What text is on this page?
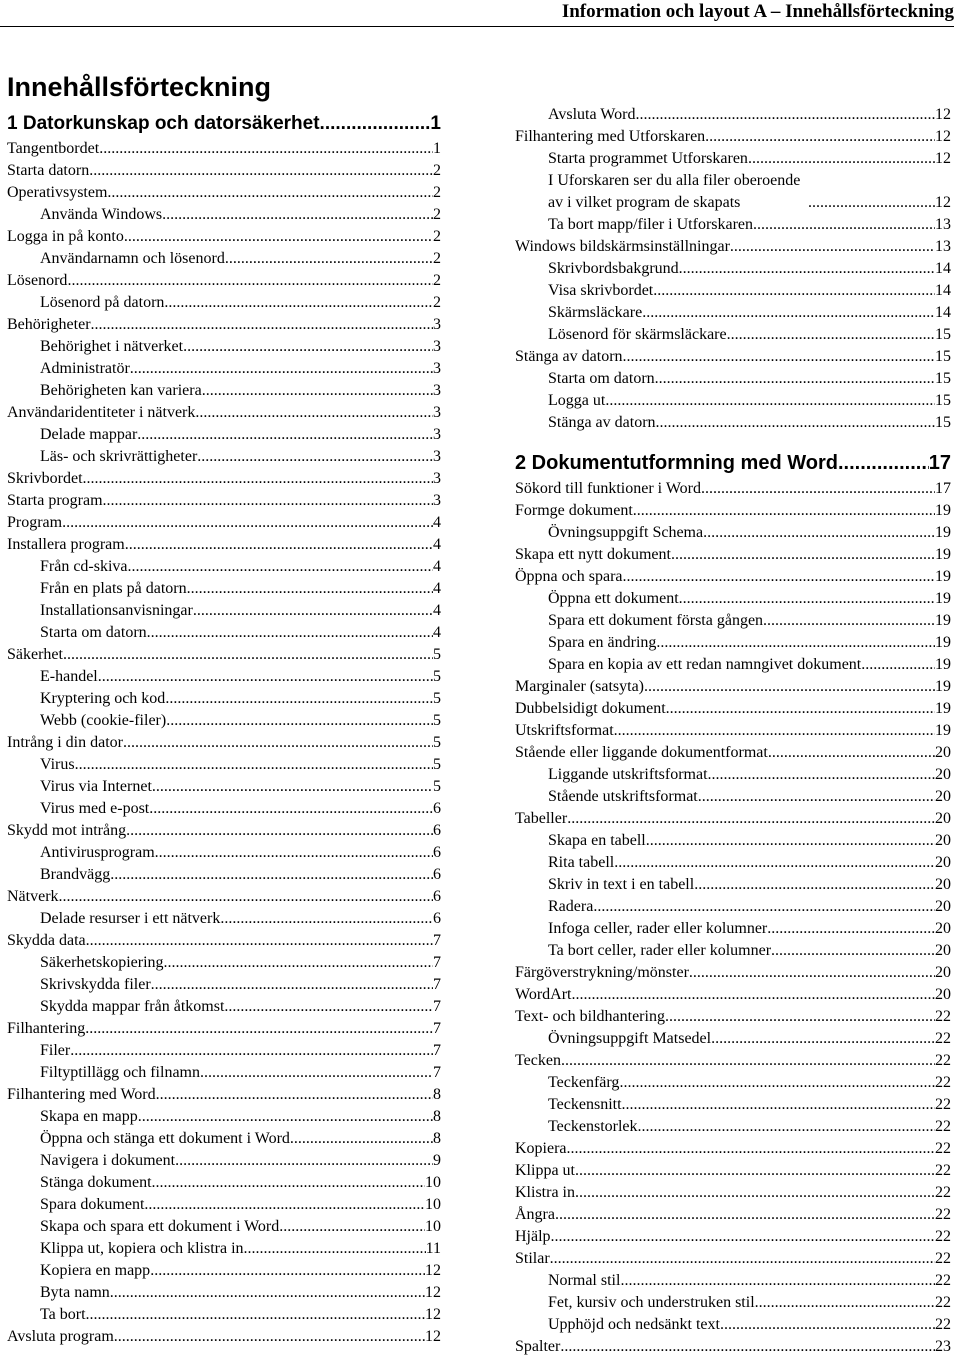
Information och layout A – Innehållsförteckning
Innehållsförteckning
1 Datorkunskap och datorsäkerhet .....	1
Tangentbordet .....	1
Starta datorn .....	2
Operativsystem .....	2
Använda Windows .....	2
Logga in på konto .....	2
Användarnamn och lösenord .....	2
Lösenord .....	2
Lösenord på datorn .....	2
Behörigheter .....	3
Behörighet i nätverket .....	3
Administratör .....	3
Behörigheten kan variera .....	3
Användaridentiteter i nätverk .....	3
Delade mappar .....	3
Läs- och skrivrättigheter .....	3
Skrivbordet .....	3
Starta program .....	3
Program .....	4
Installera program .....	4
Från cd-skiva .....	4
Från en plats på datorn .....	4
Installationsanvisningar .....	4
Starta om datorn .....	4
Säkerhet .....	5
E-handel .....	5
Kryptering och kod .....	5
Webb (cookie-filer) .....	5
Intrång i din dator .....	5
Virus .....	5
Virus via Internet .....	5
Virus med e-post .....	6
Skydd mot intrång .....	6
Antivirusprogram .....	6
Brandvägg .....	6
Nätverk .....	6
Delade resurser i ett nätverk .....	6
Skydda data .....	7
Säkerhetskopiering .....	7
Skrivskydda filer .....	7
Skydda mappar från åtkomst .....	7
Filhantering .....	7
Filer .....	7
Filtyptillägg och filnamn .....	7
Filhantering med Word .....	8
Skapa en mapp .....	8
Öppna och stänga ett dokument i Word .....	8
Navigera i dokument .....	9
Stänga dokument .....	10
Spara dokument .....	10
Skapa och spara ett dokument i Word .....	10
Klippa ut, kopiera och klistra in .....	11
Kopiera en mapp .....	12
Byta namn .....	12
Ta bort .....	12
Avsluta program .....	12
Avsluta Word .....	12
Filhantering med Utforskaren .....	12
Starta programmet Utforskaren .....	12
I Uforskaren ser du alla filer oberoende av i vilket program de skapats .....	12
Ta bort mapp/filer i Utforskaren .....	13
Windows bildskärmsinställningar .....	13
Skrivbordsbakgrund .....	14
Visa skrivbordet .....	14
Skärmsläckare .....	14
Lösenord för skärmsläckare .....	15
Stänga av datorn .....	15
Starta om datorn .....	15
Logga ut .....	15
Stänga av datorn .....	15
2 Dokumentutformning med Word .....	17
Sökord till funktioner i Word .....	17
Formge dokument .....	19
Övningsuppgift Schema .....	19
Skapa ett nytt dokument .....	19
Öppna och spara .....	19
Öppna ett dokument .....	19
Spara ett dokument första gången .....	19
Spara en ändring .....	19
Spara en kopia av ett redan namngivet dokument .....	19
Marginaler (satsyta) .....	19
Dubbelsidigt dokument .....	19
Utskriftsformat .....	19
Stående eller liggande dokumentformat .....	20
Liggande utskriftsformat .....	20
Stående utskriftsformat .....	20
Tabeller .....	20
Skapa en tabell .....	20
Rita tabell .....	20
Skriv in text i en tabell .....	20
Radera .....	20
Infoga celler, rader eller kolumner .....	20
Ta bort celler, rader eller kolumner .....	20
Färgöverstrykning/mönster .....	20
WordArt .....	20
Text- och bildhantering .....	22
Övningsuppgift Matsedel .....	22
Tecken .....	22
Teckenfärg .....	22
Teckensnitt .....	22
Teckenstorlek .....	22
Kopiera .....	22
Klippa ut .....	22
Klistra in .....	22
Ångra .....	22
Hjälp .....	22
Stilar .....	22
Normal stil .....	22
Fet, kursiv och understruken stil .....	22
Upphöjd och nedsänkt text .....	22
Spalter .....	23
